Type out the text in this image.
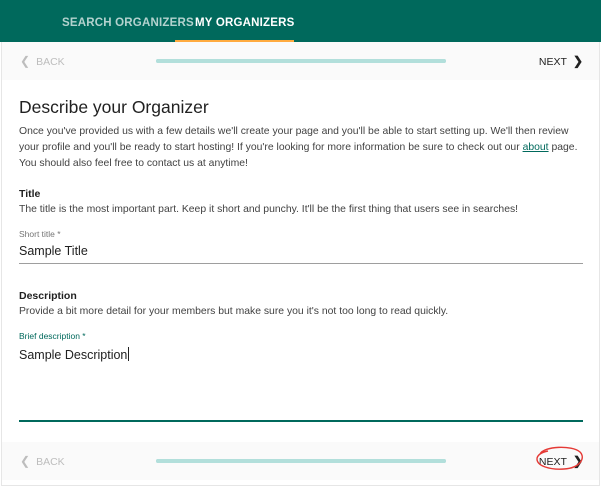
SEARCH ORGANIZERS MY ORGANIZERS
❮ BACK	NEXT ❯
Describe your Organizer

Once you've provided us with a few details we'll create your page and you'll be able to start setting up. We'll then review your profile and you'll be ready to start hosting! If you're looking for more information be sure to check out our about page. You should also feel free to contact us at anytime!

Title
The title is the most important part. Keep it short and punchy. It'll be the first thing that users see in searches!
Short title *
Sample Title
Description
Provide a bit more detail for your members but make sure you it's not too long to read quickly.
Brief description *
Sample Description
❮ BACK	NEXT ❯
